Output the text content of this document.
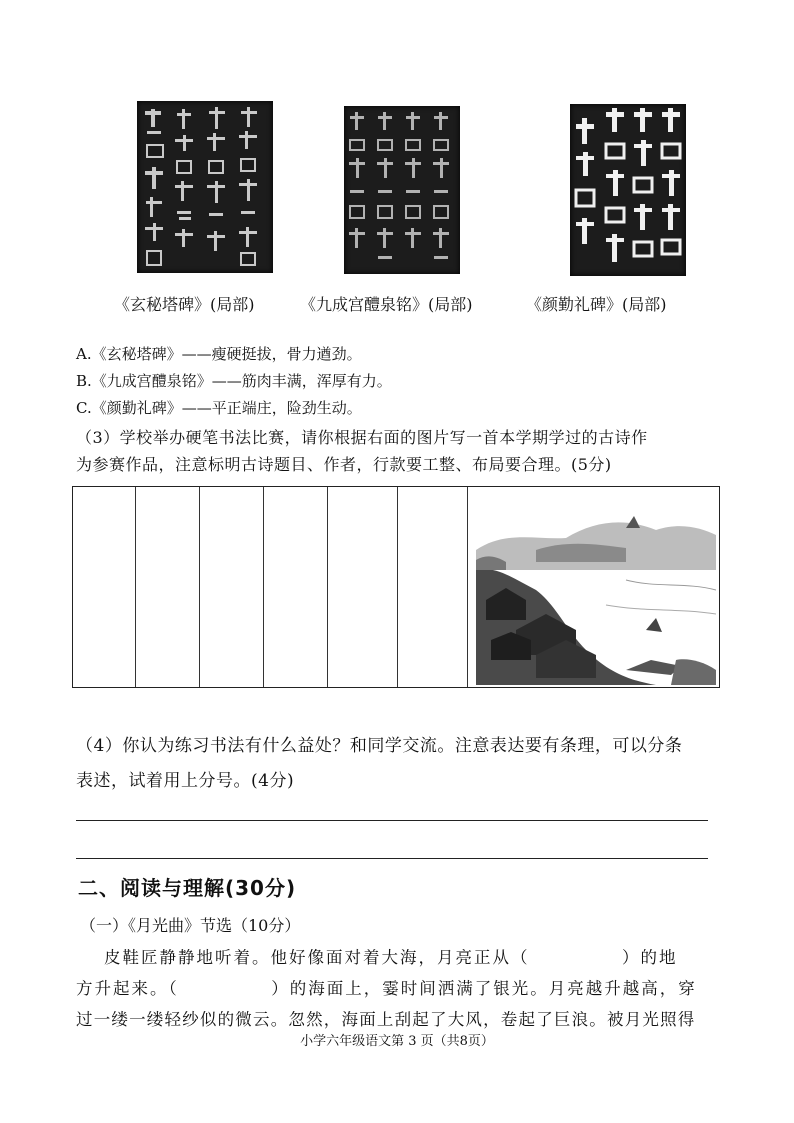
《玄秘塔碑》(局部)	《九成宫醴泉铭》(局部)	《颜勤礼碑》(局部)
A.《玄秘塔碑》——瘦硬挺拔，骨力遒劲。
B.《九成宫醴泉铭》——筋肉丰满，浑厚有力。
C.《颜勤礼碑》——平正端庄，险劲生动。
（3）学校举办硬笔书法比赛，请你根据右面的图片写一首本学期学过的古诗作
为参赛作品，注意标明古诗题目、作者，行款要工整、布局要合理。(5分)
（4）你认为练习书法有什么益处？和同学交流。注意表达要有条理，可以分条
表述，试着用上分号。(4分)
二、阅读与理解(30分)
（一）《月光曲》节选（10分）
皮鞋匠静静地听着。他好像面对着大海，月亮正从（　　　　　）的地
方升起来。（　　　　　）的海面上，霎时间洒满了银光。月亮越升越高，穿
过一缕一缕轻纱似的微云。忽然，海面上刮起了大风，卷起了巨浪。被月光照得
小学六年级语文第 3 页（共8页）
